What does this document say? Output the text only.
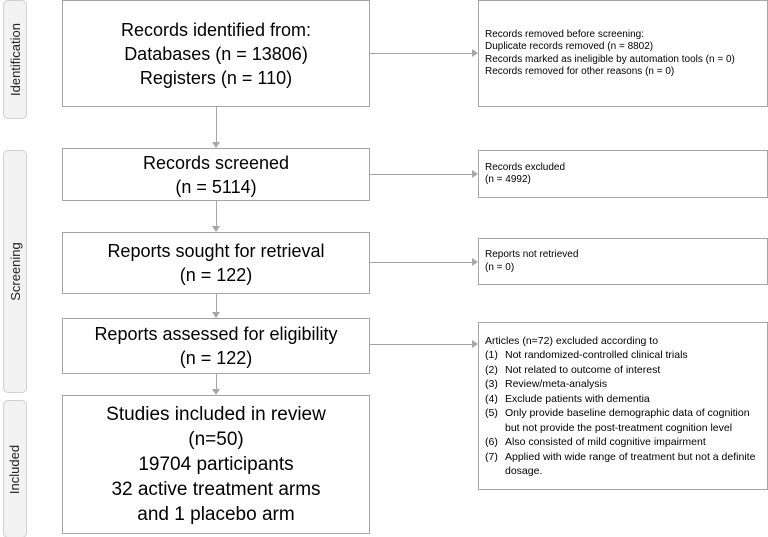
Identification
Screening
Included
Records identified from:
Databases (n = 13806)
Registers (n = 110)
Records screened
(n = 5114)
Reports sought for retrieval
(n = 122)
Reports assessed for eligibility
(n = 122)
Studies included in review
(n=50)
19704 participants
32 active treatment arms
and 1 placebo arm
Records removed before screening:
Duplicate records removed (n = 8802)
Records marked as ineligible by automation tools (n = 0)
Records removed for other reasons (n = 0)
Records excluded
(n = 4992)
Reports not retrieved
(n = 0)
Articles (n=72) excluded according to
(1) Not randomized-controlled clinical trials
(2) Not related to outcome of interest
(3) Review/meta-analysis
(4) Exclude patients with dementia
(5) Only provide baseline demographic data of cognition but not provide the post-treatment cognition level
(6) Also consisted of mild cognitive impairment
(7) Applied with wide range of treatment but not a definite dosage.
